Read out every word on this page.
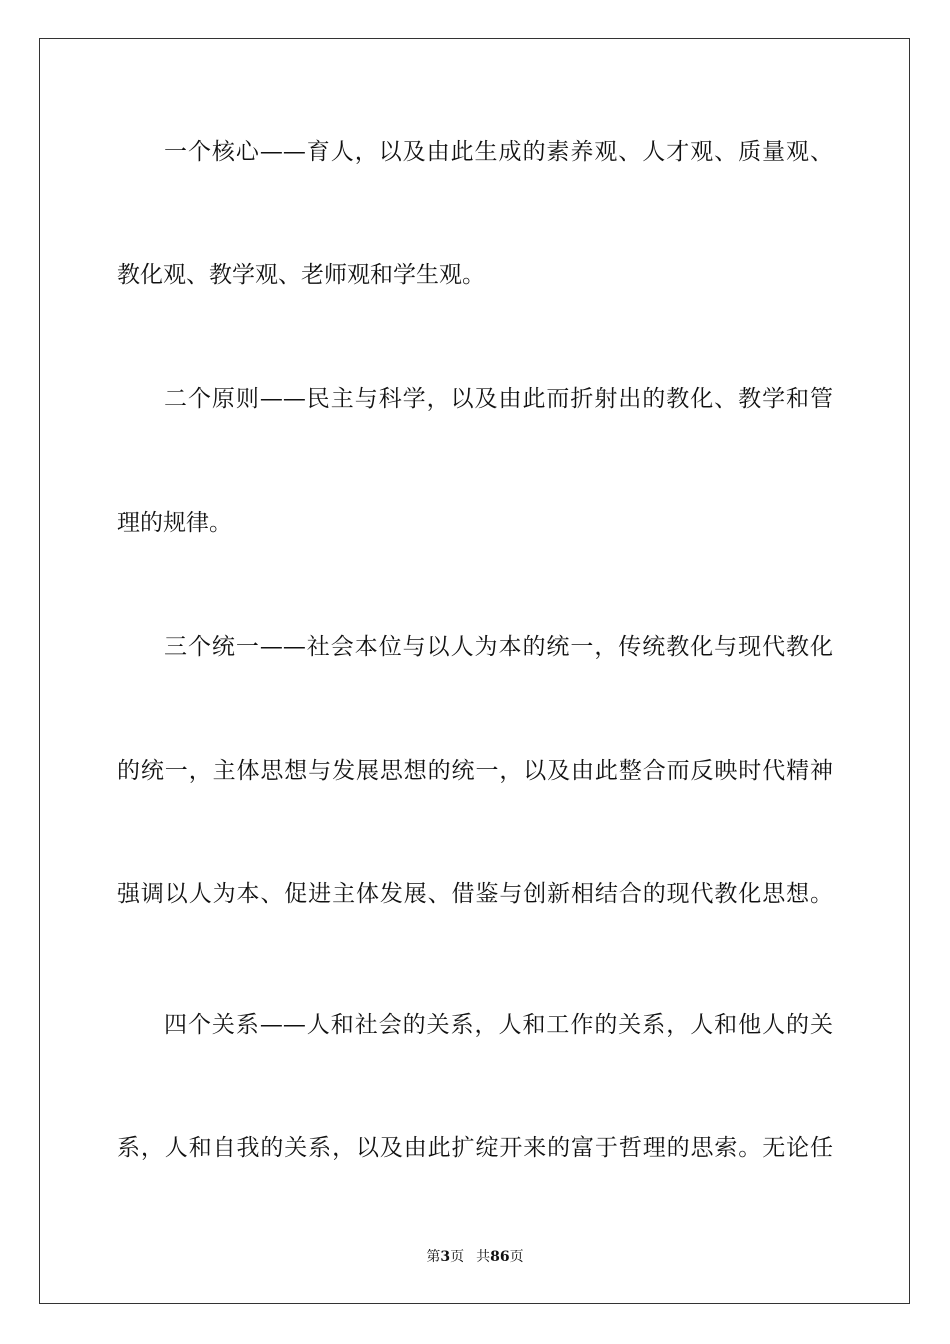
一个核心——育人，以及由此生成的素养观、人才观、质量观、
教化观、教学观、老师观和学生观。
二个原则——民主与科学，以及由此而折射出的教化、教学和管
理的规律。
三个统一——社会本位与以人为本的统一，传统教化与现代教化
的统一，主体思想与发展思想的统一，以及由此整合而反映时代精神
强调以人为本、促进主体发展、借鉴与创新相结合的现代教化思想。
四个关系——人和社会的关系，人和工作的关系，人和他人的关
系，人和自我的关系，以及由此扩绽开来的富于哲理的思索。无论任
第3页 共86页
